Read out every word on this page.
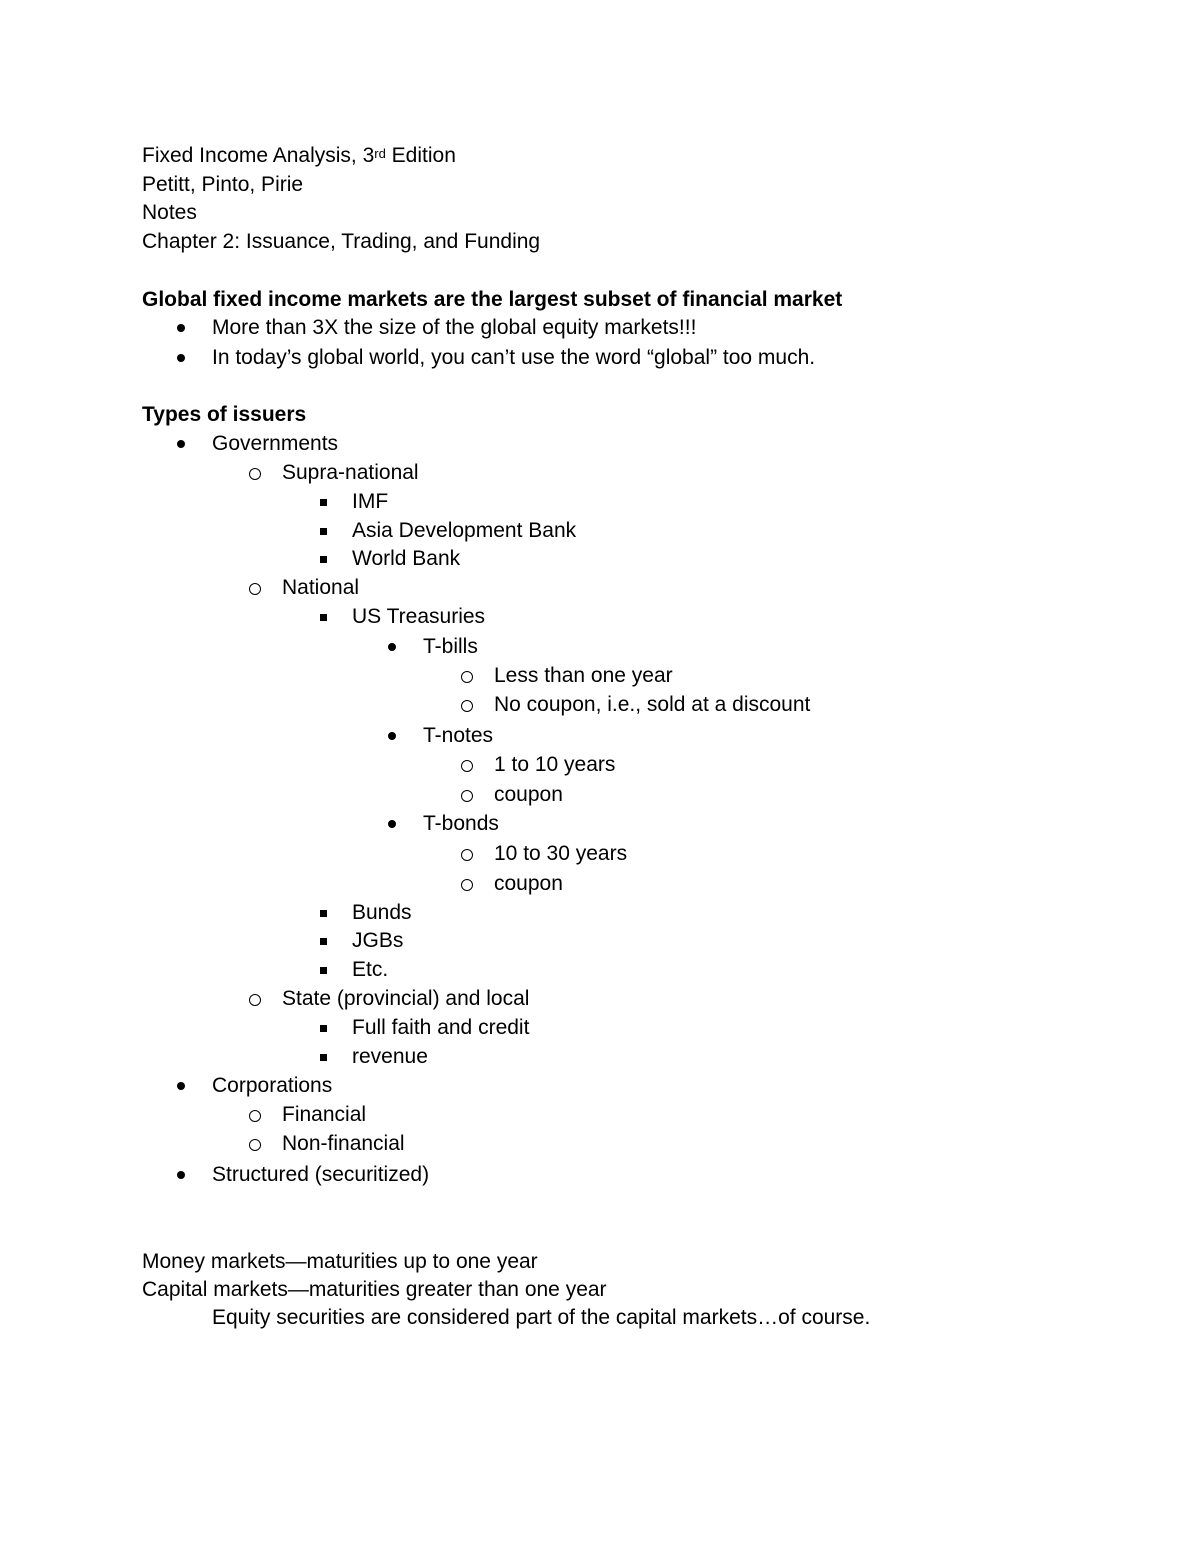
Fixed Income Analysis, 3rd Edition
Petitt, Pinto, Pirie
Notes
Chapter 2: Issuance, Trading, and Funding
Global fixed income markets are the largest subset of financial market
More than 3X the size of the global equity markets!!!
In today’s global world, you can’t use the word “global” too much.
Types of issuers
Governments
Supra-national
IMF
Asia Development Bank
World Bank
National
US Treasuries
T-bills
Less than one year
No coupon, i.e., sold at a discount
T-notes
1 to 10 years
coupon
T-bonds
10 to 30 years
coupon
Bunds
JGBs
Etc.
State (provincial) and local
Full faith and credit
revenue
Corporations
Financial
Non-financial
Structured (securitized)
Money markets—maturities up to one year
Capital markets—maturities greater than one year
Equity securities are considered part of the capital markets…of course.
